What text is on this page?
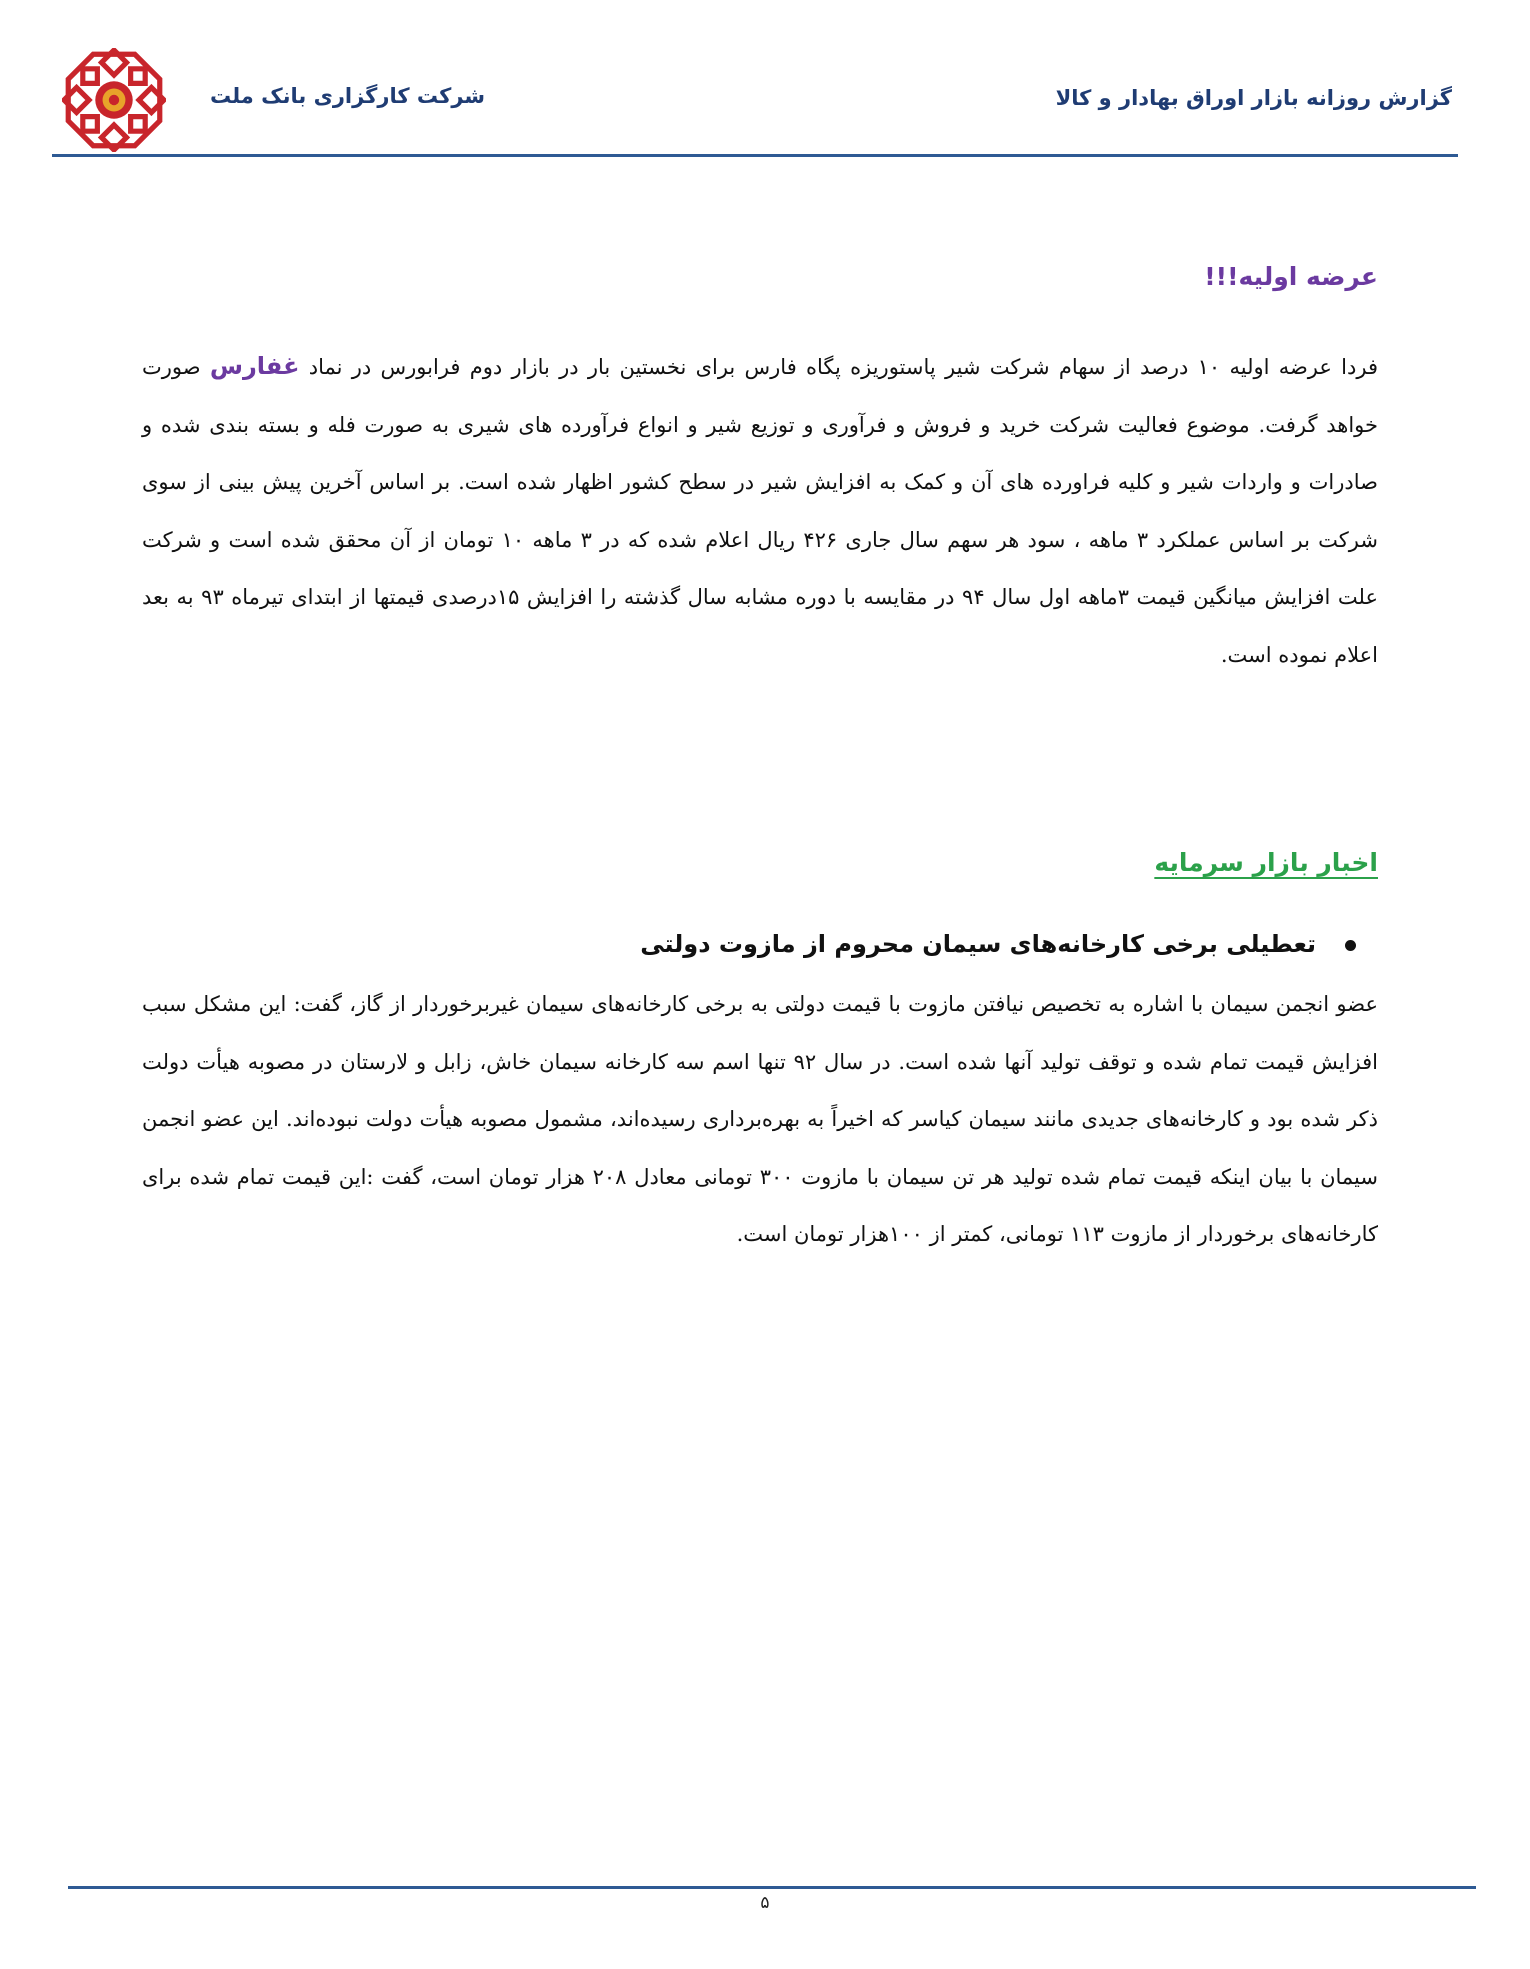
گزارش روزانه بازار اوراق بهادار و کالا
شرکت کارگزاری بانک ملت
عرضه اولیه!!!

فردا عرضه اولیه ۱۰ درصد از سهام شرکت شیر پاستوریزه پگاه فارس برای نخستین بار در بازار دوم فرابورس در نماد غفارس صورت خواهد گرفت. موضوع فعالیت شرکت خرید و فروش و فرآوری و توزیع شیر و انواع فرآورده های شیری به صورت فله و بسته بندی شده و صادرات و واردات شیر و کلیه فراورده های آن و کمک به افزایش شیر در سطح کشور اظهار شده است. بر اساس آخرین پیش بینی از سوی شرکت بر اساس عملکرد ۳ ماهه ، سود هر سهم سال جاری ۴۲۶ ریال اعلام شده که در ۳ ماهه ۱۰ تومان از آن محقق شده است و شرکت علت افزایش میانگین قیمت ۳ماهه اول سال ۹۴ در مقایسه با دوره مشابه سال گذشته را افزایش ۱۵درصدی قیمتها از ابتدای تیرماه ۹۳ به بعد اعلام نموده است.

اخبار بازار سرمایه

تعطیلی برخی کارخانه‌های سیمان محروم از مازوت دولتی

عضو انجمن سیمان با اشاره به تخصیص نیافتن مازوت با قیمت دولتی به برخی کارخانه‌های سیمان غیربرخوردار از گاز، گفت: این مشکل سبب افزایش قیمت تمام شده و توقف تولید آنها شده است. در سال ۹۲ تنها اسم سه کارخانه سیمان خاش، زابل و لارستان در مصوبه هیأت دولت ذکر شده بود و کارخانه‌های جدیدی مانند سیمان کیاسر که اخیراً به بهره‌برداری رسیده‌اند، مشمول مصوبه هیأت دولت نبوده‌اند. این عضو انجمن سیمان با بیان اینکه قیمت تمام شده تولید هر تن سیمان با مازوت ۳۰۰ تومانی معادل ۲۰۸ هزار تومان است، گفت :این قیمت تمام شده برای کارخانه‌های برخوردار از مازوت ۱۱۳ تومانی، کمتر از ۱۰۰هزار تومان است.

۵
